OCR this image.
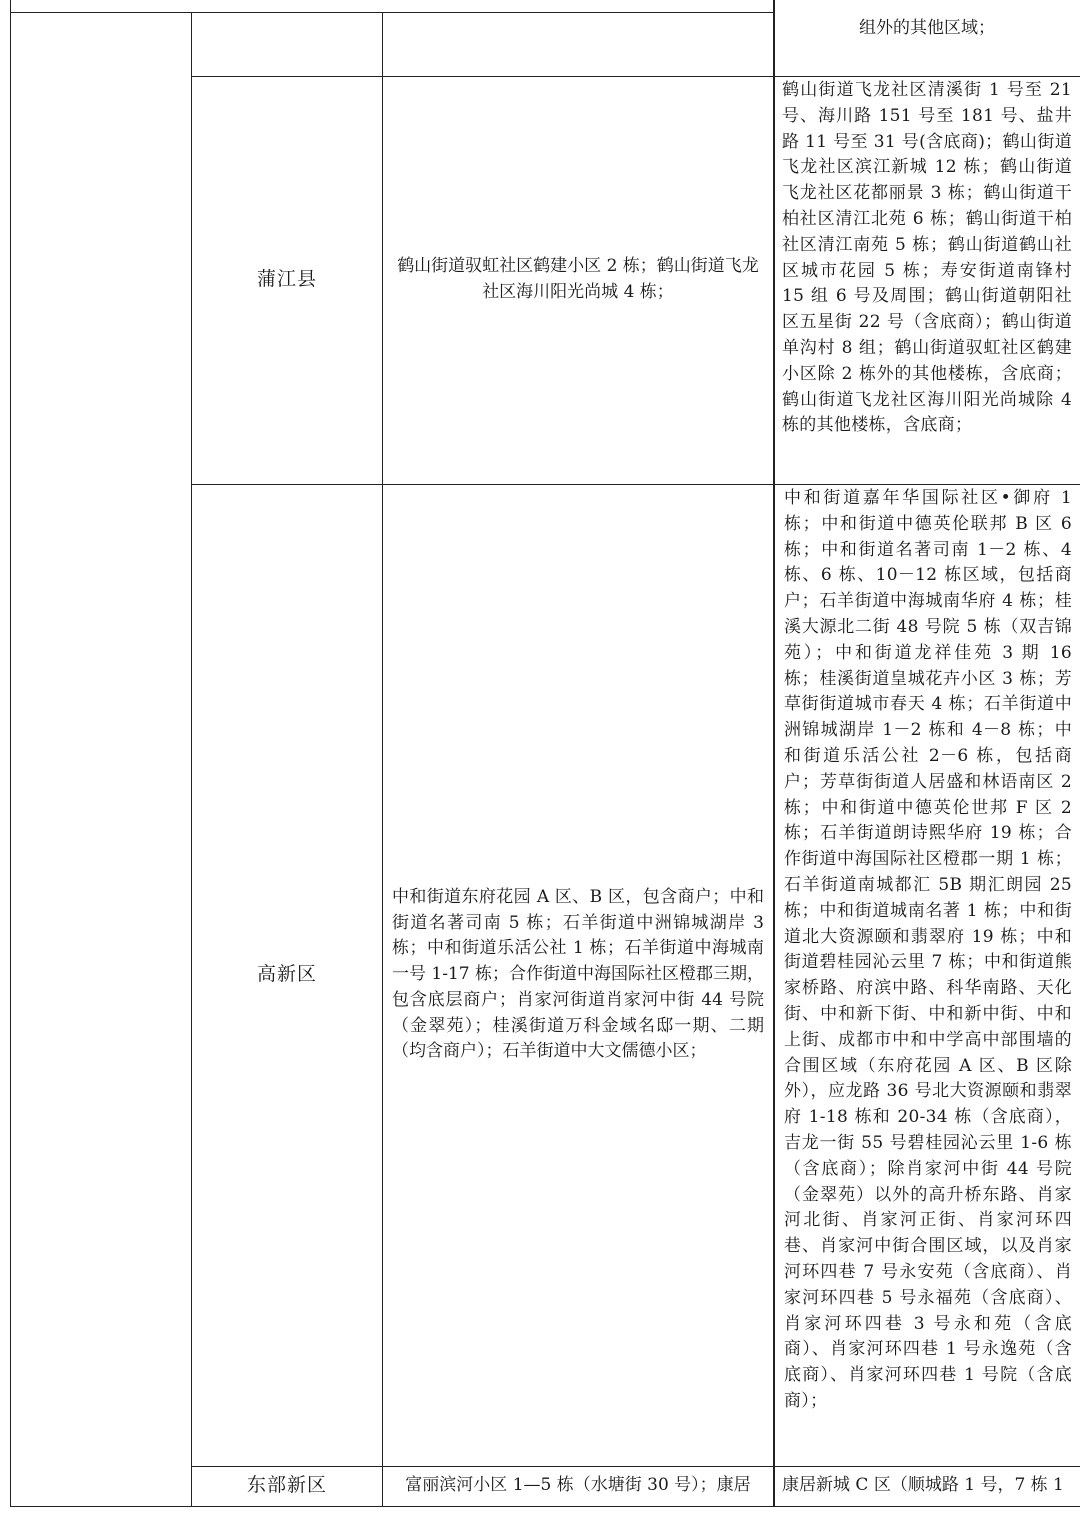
组外的其他区域；
蒲江县
鹤山街道驭虹社区鹤建小区 2 栋；鹤山街道飞龙社区海川阳光尚城 4 栋；
鹤山街道飞龙社区清溪街 1 号至 21 号、海川路 151 号至 181 号、盐井路 11 号至 31 号(含底商)；鹤山街道飞龙社区滨江新城 12 栋；鹤山街道飞龙社区花都丽景 3 栋；鹤山街道干柏社区清江北苑 6 栋；鹤山街道干柏社区清江南苑 5 栋；鹤山街道鹤山社区城市花园 5 栋；寿安街道南锋村 15 组 6 号及周围；鹤山街道朝阳社区五星街 22 号（含底商）；鹤山街道单沟村 8 组；鹤山街道驭虹社区鹤建小区除 2 栋外的其他楼栋，含底商；鹤山街道飞龙社区海川阳光尚城除 4 栋的其他楼栋，含底商；
高新区
中和街道东府花园 A 区、B 区，包含商户；中和街道名著司南 5 栋；石羊街道中洲锦城湖岸 3 栋；中和街道乐活公社 1 栋；石羊街道中海城南一号 1-17 栋；合作街道中海国际社区橙郡三期，包含底层商户；肖家河街道肖家河中街 44 号院（金翠苑）；桂溪街道万科金域名邸一期、二期（均含商户）；石羊街道中大文儒德小区；
中和街道嘉年华国际社区•御府 1 栋；中和街道中德英伦联邦 B 区 6 栋；中和街道名著司南 1－2 栋、4 栋、6 栋、10－12 栋区域，包括商户；石羊街道中海城南华府 4 栋；桂溪大源北二街 48 号院 5 栋（双吉锦苑）；中和街道龙祥佳苑 3 期 16 栋；桂溪街道皇城花卉小区 3 栋；芳草街街道城市春天 4 栋；石羊街道中洲锦城湖岸 1－2 栋和 4－8 栋；中和街道乐活公社 2－6 栋，包括商户；芳草街街道人居盛和林语南区 2 栋；中和街道中德英伦世邦 F 区 2 栋；石羊街道朗诗熙华府 19 栋；合作街道中海国际社区橙郡一期 1 栋；石羊街道南城都汇 5B 期汇朗园 25 栋；中和街道城南名著 1 栋；中和街道北大资源颐和翡翠府 19 栋；中和街道碧桂园沁云里 7 栋；中和街道熊家桥路、府滨中路、科华南路、天化街、中和新下街、中和新中街、中和上街、成都市中和中学高中部围墙的合围区域（东府花园 A 区、B 区除外），应龙路 36 号北大资源颐和翡翠府 1-18 栋和 20-34 栋（含底商），吉龙一街 55 号碧桂园沁云里 1-6 栋（含底商）；除肖家河中街 44 号院（金翠苑）以外的高升桥东路、肖家河北街、肖家河正街、肖家河环四巷、肖家河中街合围区域，以及肖家河环四巷 7 号永安苑（含底商）、肖家河环四巷 5 号永福苑（含底商）、肖家河环四巷 3 号永和苑（含底商）、肖家河环四巷 1 号永逸苑（含底商）、肖家河环四巷 1 号院（含底商）；
东部新区	富丽滨河小区 1—5 栋（水塘街 30 号）；康居 康居新城 C 区（顺城路 1 号，7 栋 1
